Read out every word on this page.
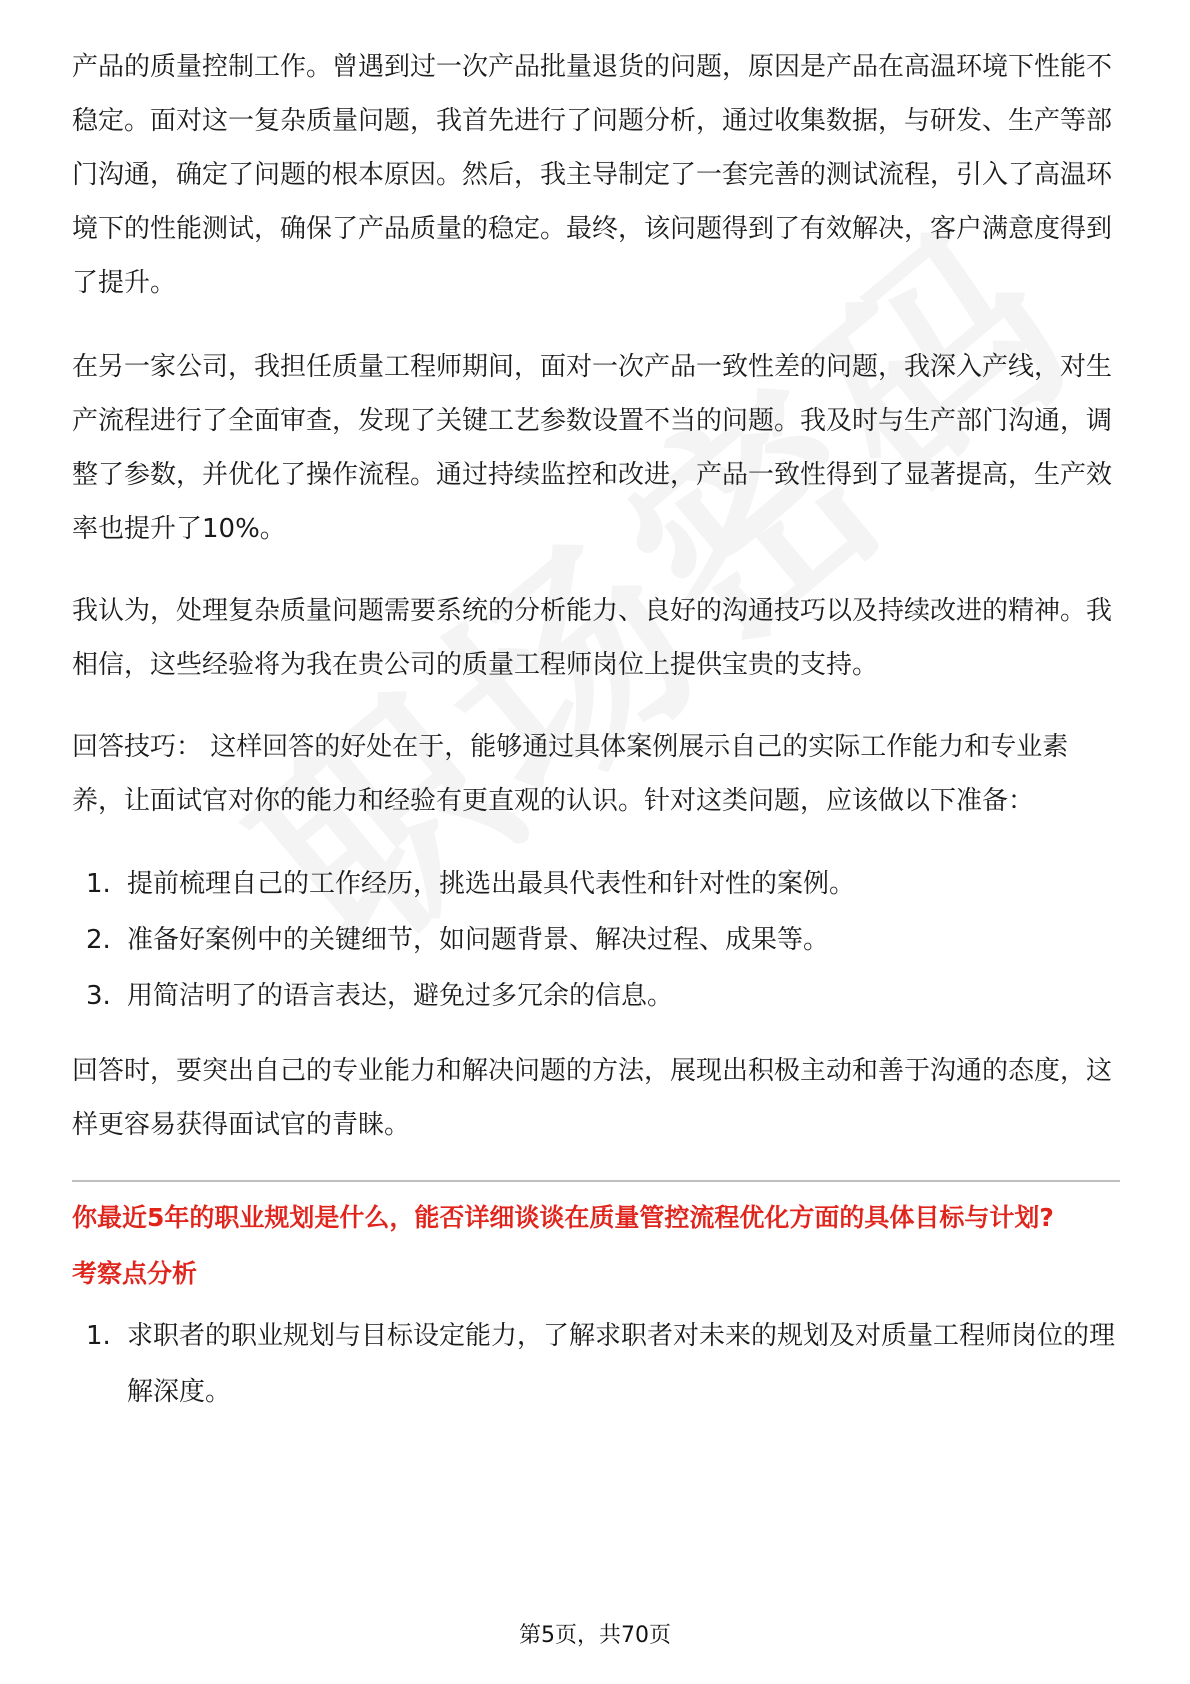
产品的质量控制工作。曾遇到过一次产品批量退货的问题，原因是产品在高温环境下性能不稳定。面对这一复杂质量问题，我首先进行了问题分析，通过收集数据，与研发、生产等部门沟通，确定了问题的根本原因。然后，我主导制定了一套完善的测试流程，引入了高温环境下的性能测试，确保了产品质量的稳定。最终，该问题得到了有效解决，客户满意度得到了提升。

在另一家公司，我担任质量工程师期间，面对一次产品一致性差的问题，我深入产线，对生产流程进行了全面审查，发现了关键工艺参数设置不当的问题。我及时与生产部门沟通，调整了参数，并优化了操作流程。通过持续监控和改进，产品一致性得到了显著提高，生产效率也提升了10%。

我认为，处理复杂质量问题需要系统的分析能力、良好的沟通技巧以及持续改进的精神。我相信，这些经验将为我在贵公司的质量工程师岗位上提供宝贵的支持。

回答技巧： 这样回答的好处在于，能够通过具体案例展示自己的实际工作能力和专业素养，让面试官对你的能力和经验有更直观的认识。针对这类问题，应该做以下准备：

1. 提前梳理自己的工作经历，挑选出最具代表性和针对性的案例。
2. 准备好案例中的关键细节，如问题背景、解决过程、成果等。
3. 用简洁明了的语言表达，避免过多冗余的信息。

回答时，要突出自己的专业能力和解决问题的方法，展现出积极主动和善于沟通的态度，这样更容易获得面试官的青睐。

你最近5年的职业规划是什么，能否详细谈谈在质量管控流程优化方面的具体目标与计划?
考察点分析
1. 求职者的职业规划与目标设定能力，了解求职者对未来的规划及对质量工程师岗位的理解深度。
第5页，共70页
